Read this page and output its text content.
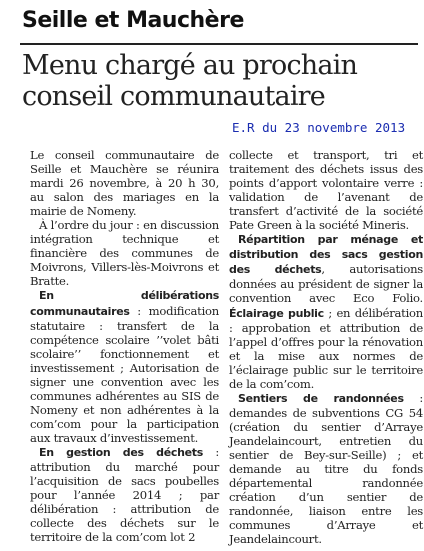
Seille et Mauchère
Menu chargé au prochain conseil communautaire
E.R du 23 novembre 2013

Le conseil communautaire de Seille et Mauchère se réunira mardi 26 novembre, à 20 h 30, au salon des mariages en la mairie de Nomeny.

À l’ordre du jour : en discussion intégration technique et financière des communes de Moivrons, Villers-lès-Moivrons et Bratte.

En délibérations communautaires : modification statutaire : transfert de la compétence scolaire ’’volet bâti scolaire’’ fonctionnement et investissement ; Autorisation de signer une convention avec les communes adhérentes au SIS de Nomeny et non adhérentes à la com’com pour la participation aux travaux d’investissement.

En gestion des déchets : attribution du marché pour l’acquisition de sacs poubelles pour l’année 2014 ; par délibération : attribution de collecte des déchets sur le territoire de la com’com lot 2

collecte et transport, tri et traitement des déchets issus des points d’apport volontaire verre : validation de l’avenant de transfert d’activité de la société Pate Green à la société Mineris.

Répartition par ménage et distribution des sacs gestion des déchets, autorisations données au président de signer la convention avec Eco Folio. Éclairage public ; en délibération : approbation et attribution de l’appel d’offres pour la rénovation et la mise aux normes de l’éclairage public sur le territoire de la com’com.

Sentiers de randonnées : demandes de subventions CG 54 (création du sentier d’Arraye Jeandelaincourt, entretien du sentier de Bey-sur-Seille) ; et demande au titre du fonds départemental randonnée création d’un sentier de randonnée, liaison entre les communes d’Arraye et Jeandelaincourt.
